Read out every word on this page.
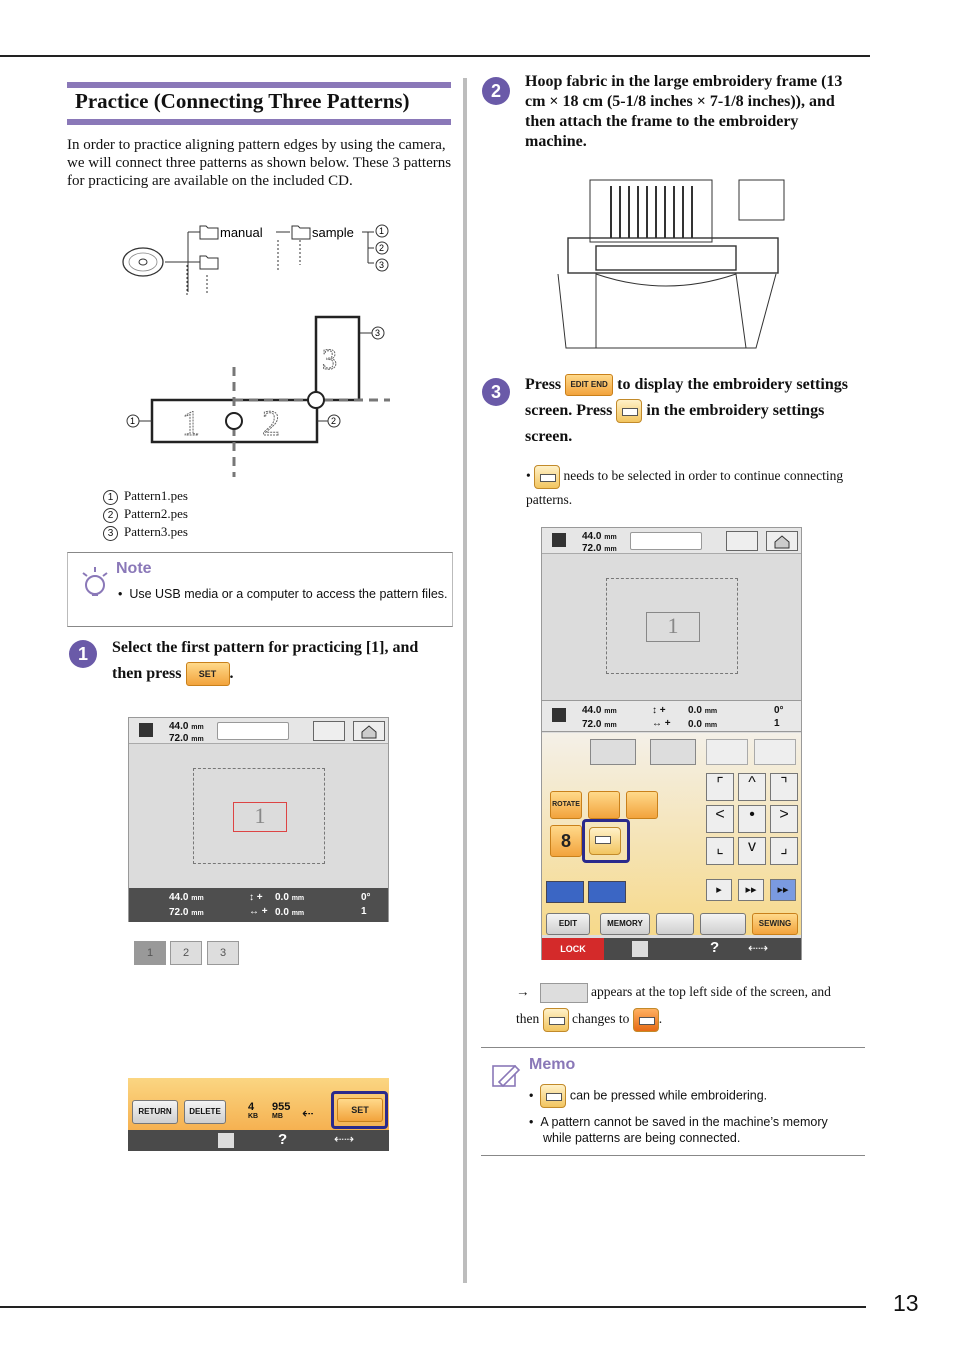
13
Practice (Connecting Three Patterns)
In order to practice aligning pattern edges by using the camera, we will connect three patterns as shown below. These 3 patterns for practicing are available on the included CD.
manual	sample	1
2
3
1 2
3
1	2
3
1 Pattern1.pes
2 Pattern2.pes
3 Pattern3.pes
Note
•  Use USB media or a computer to access the pattern files.
1	Select the first pattern for practicing [1], and then press SET .
44.0 mm
72.0 mm
1
44.0 mm
72.0 mm
↕ +
↔ +
0.0 mm
0.0 mm
0°
1
1	2	3
RETURN	DELETE	4
KB
955
MB	⇠	SET
?	⇠⇢
2	Hoop fabric in the large embroidery frame (13 cm × 18 cm (5-1/8 inches × 7-1/8 inches)), and then attach the frame to the embroidery machine.
3	Press EDIT END to display the embroidery settings screen. Press in the embroidery settings screen.
•  needs to be selected in order to continue connecting patterns.
44.0 mm
72.0 mm
1
44.0 mm
72.0 mm
↕ +
↔ +
0.0 mm
0.0 mm
0°
1
ROTATE
8
⌜	^	⌝
<	•	>
⌞	v	⌟
▸	▸▸	▸▸
EDIT	MEMORY	SEWING
LOCK	? ⇠⇢
→	appears at the top left side of the screen, and then changes to .
Memo
•   can be pressed while embroidering.
•  A pattern cannot be saved in the machine’s memory while patterns are being connected.
